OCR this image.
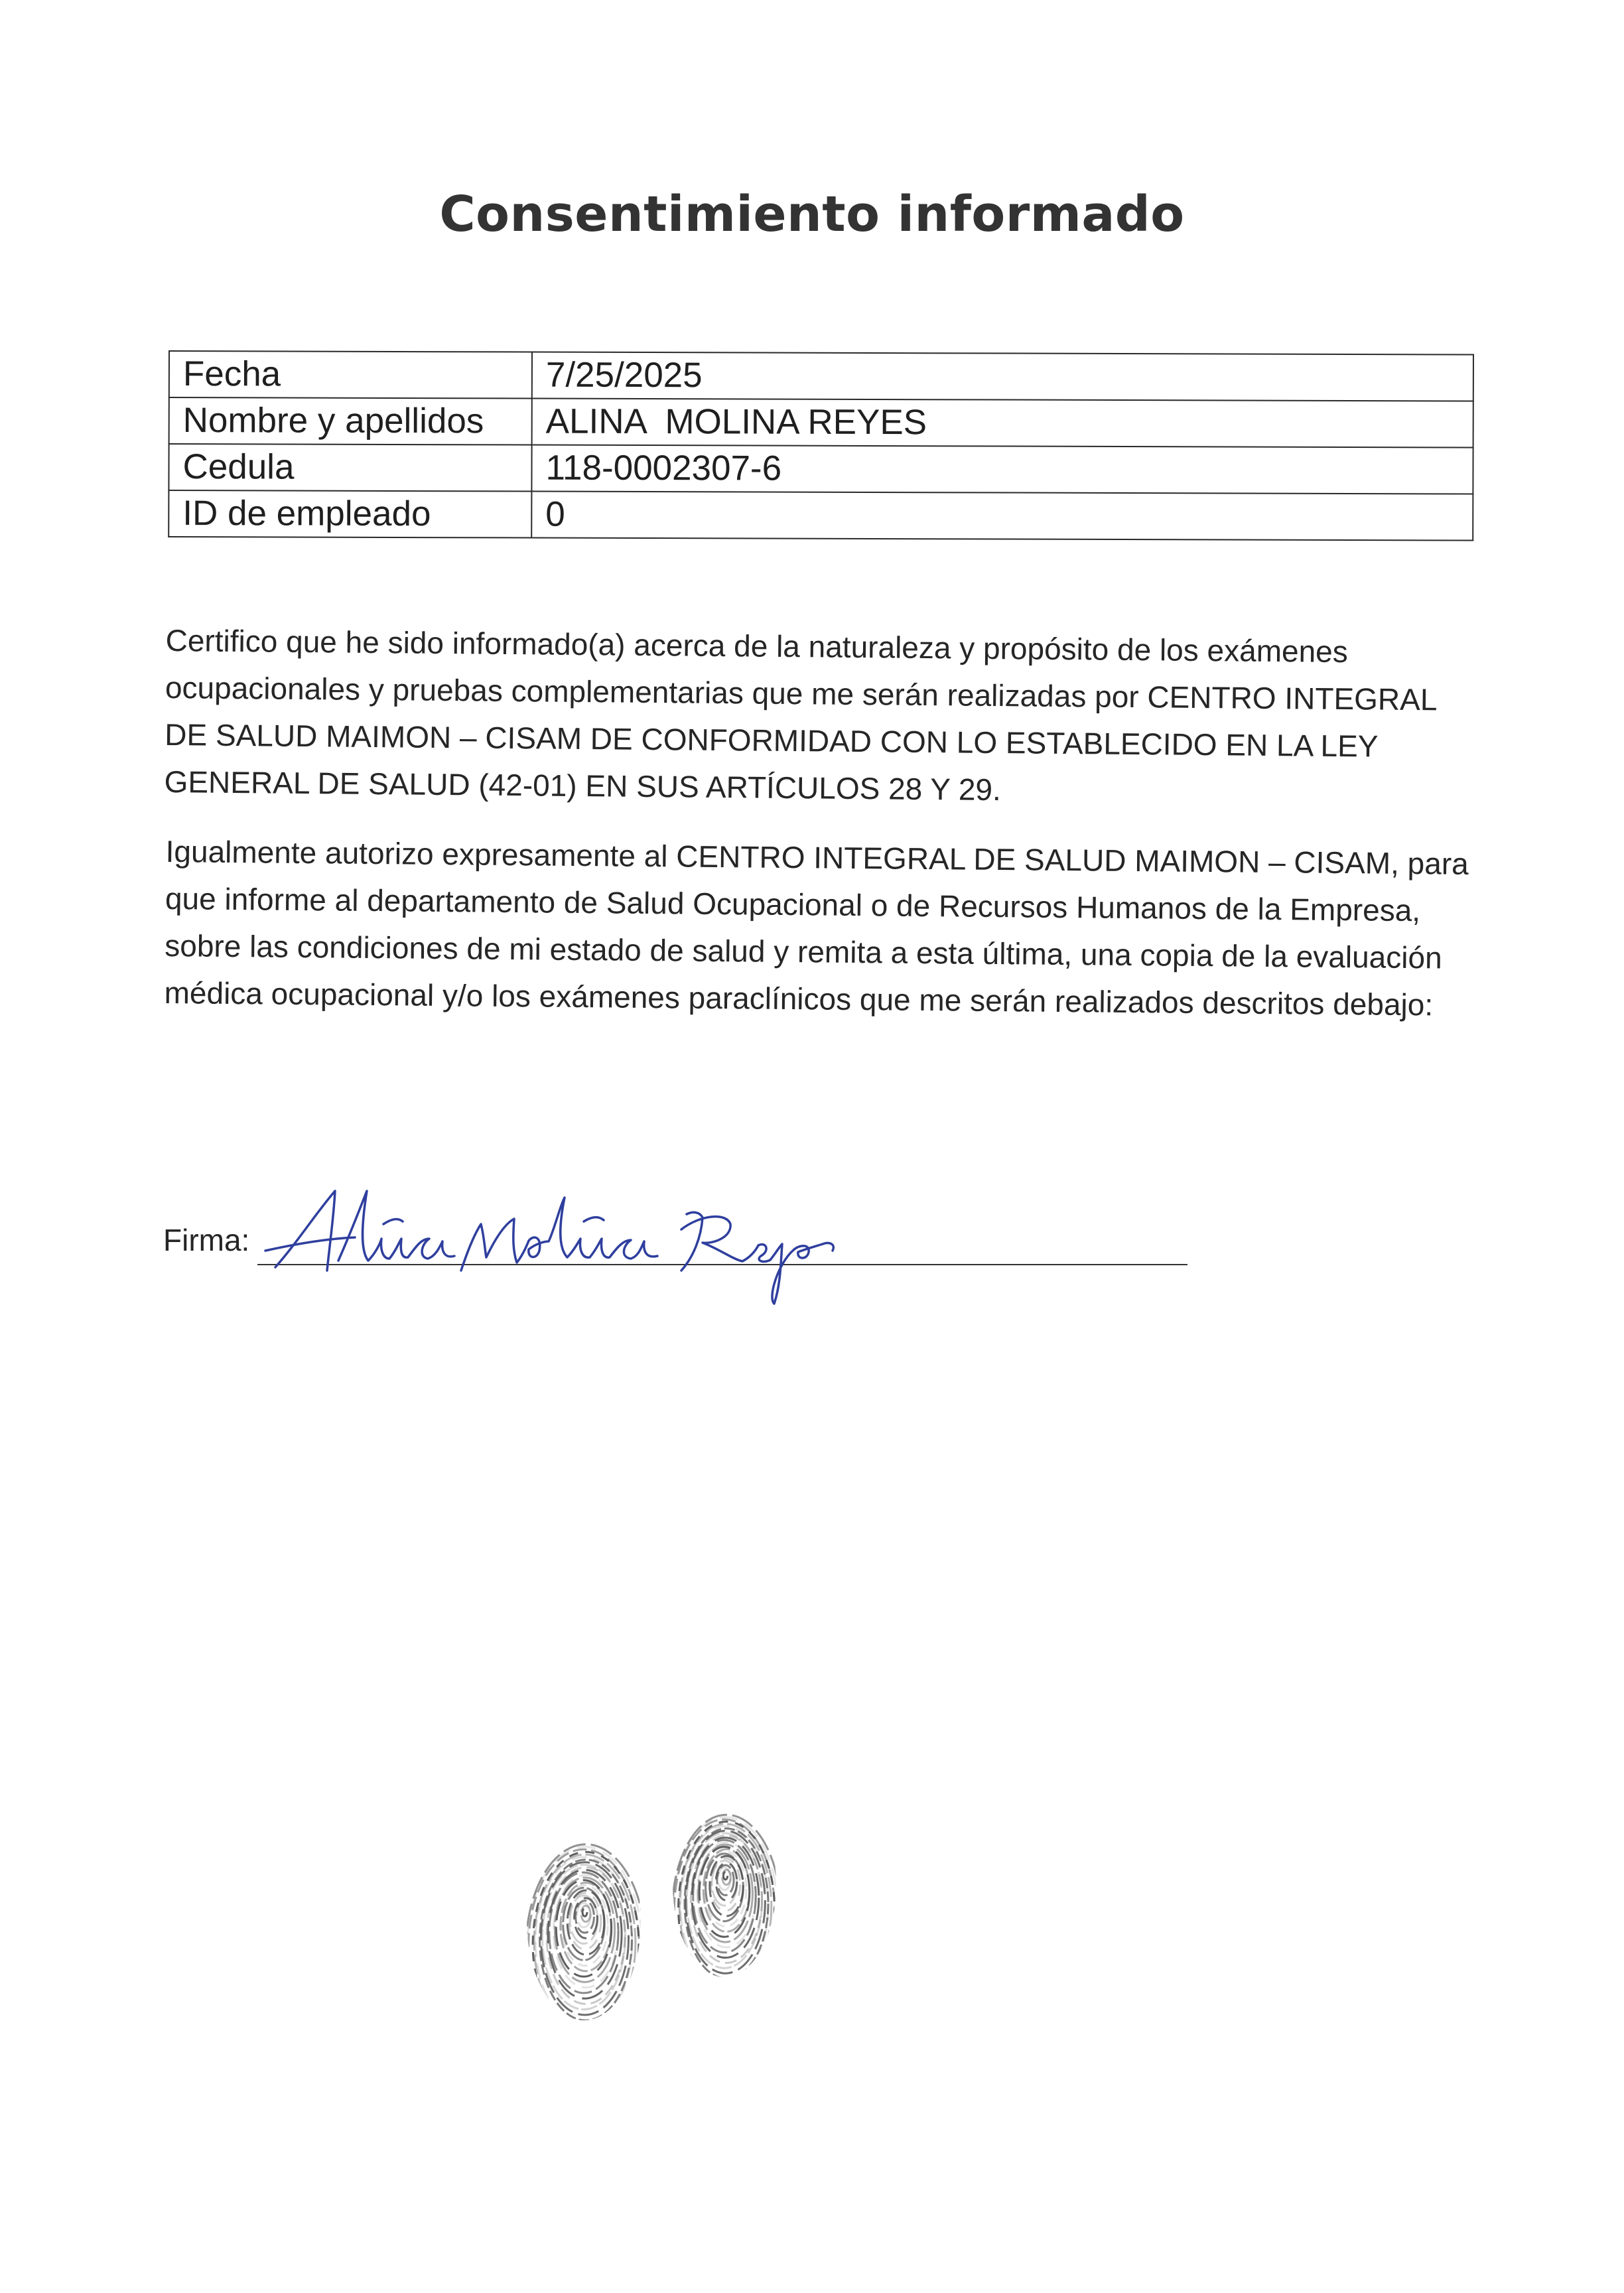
Consentimiento informado
Fecha	7/25/2025
Nombre y apellidos	ALINA  MOLINA REYES
Cedula	118-0002307-6
ID de empleado	0
Certifico que he sido informado(a) acerca de la naturaleza y propósito de los exámenes ocupacionales y pruebas complementarias que me serán realizadas por CENTRO INTEGRAL DE SALUD MAIMON – CISAM DE CONFORMIDAD CON LO ESTABLECIDO EN LA LEY GENERAL DE SALUD (42-01) EN SUS ARTÍCULOS 28 Y 29.
Igualmente autorizo expresamente al CENTRO INTEGRAL DE SALUD MAIMON – CISAM, para que informe al departamento de Salud Ocupacional o de Recursos Humanos de la Empresa, sobre las condiciones de mi estado de salud y remita a esta última, una copia de la evaluación médica ocupacional y/o los exámenes paraclínicos que me serán realizados descritos debajo:
Firma:
